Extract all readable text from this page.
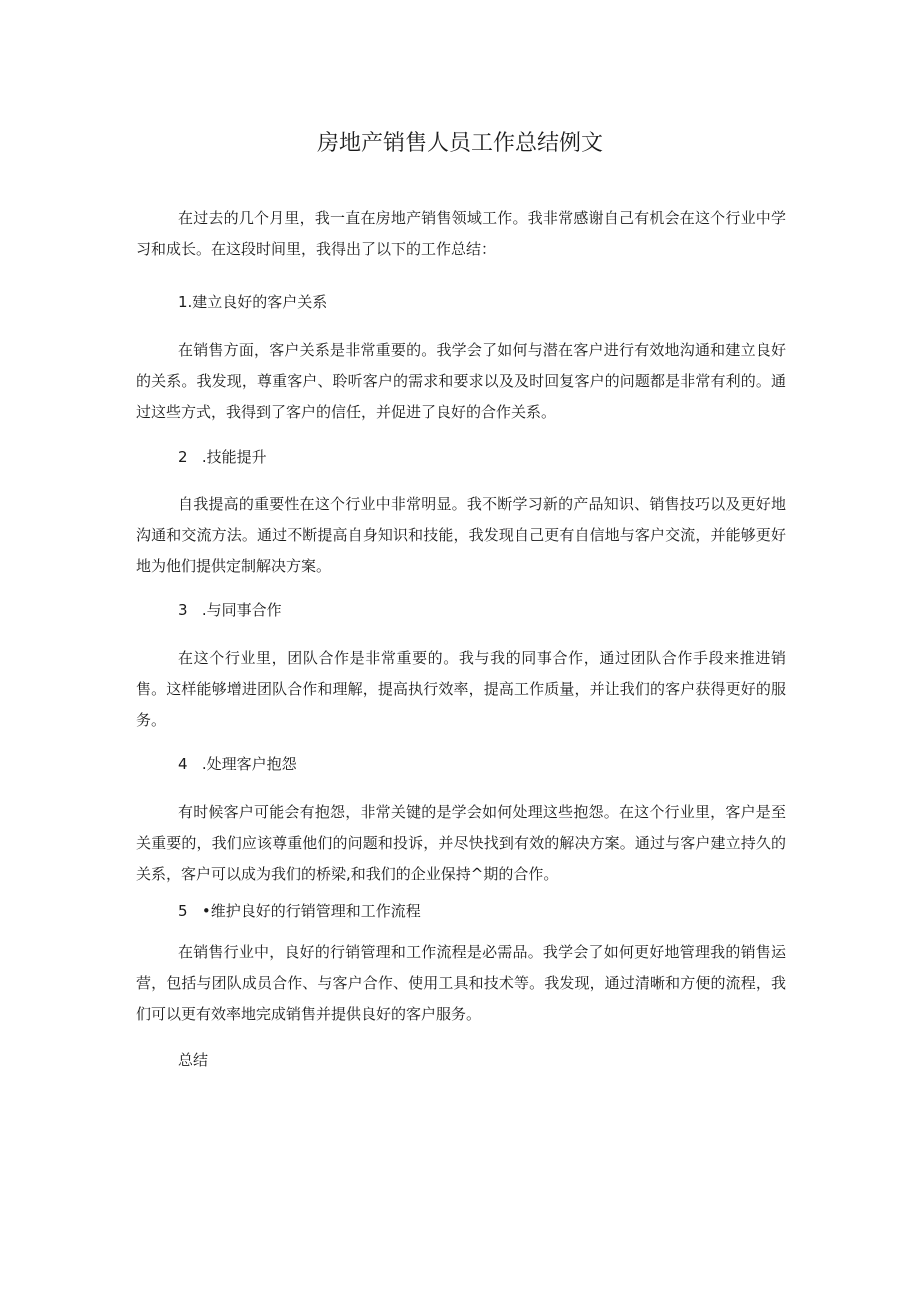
房地产销售人员工作总结例文

在过去的几个月里，我一直在房地产销售领域工作。我非常感谢自己有机会在这个行业中学习和成长。在这段时间里，我得出了以下的工作总结：

1.建立良好的客户关系

在销售方面，客户关系是非常重要的。我学会了如何与潜在客户进行有效地沟通和建立良好的关系。我发现，尊重客户、聆听客户的需求和要求以及及时回复客户的问题都是非常有利的。通过这些方式，我得到了客户的信任，并促进了良好的合作关系。

2   .技能提升

自我提高的重要性在这个行业中非常明显。我不断学习新的产品知识、销售技巧以及更好地沟通和交流方法。通过不断提高自身知识和技能，我发现自己更有自信地与客户交流，并能够更好地为他们提供定制解决方案。

3   .与同事合作

在这个行业里，团队合作是非常重要的。我与我的同事合作，通过团队合作手段来推进销售。这样能够增进团队合作和理解，提高执行效率，提高工作质量，并让我们的客户获得更好的服务。

4   .处理客户抱怨

有时候客户可能会有抱怨，非常关键的是学会如何处理这些抱怨。在这个行业里，客户是至关重要的，我们应该尊重他们的问题和投诉，并尽快找到有效的解决方案。通过与客户建立持久的关系，客户可以成为我们的桥梁,和我们的企业保持^期的合作。

5   •维护良好的行销管理和工作流程

在销售行业中，良好的行销管理和工作流程是必需品。我学会了如何更好地管理我的销售运营，包括与团队成员合作、与客户合作、使用工具和技术等。我发现，通过清晰和方便的流程，我们可以更有效率地完成销售并提供良好的客户服务。

总结
